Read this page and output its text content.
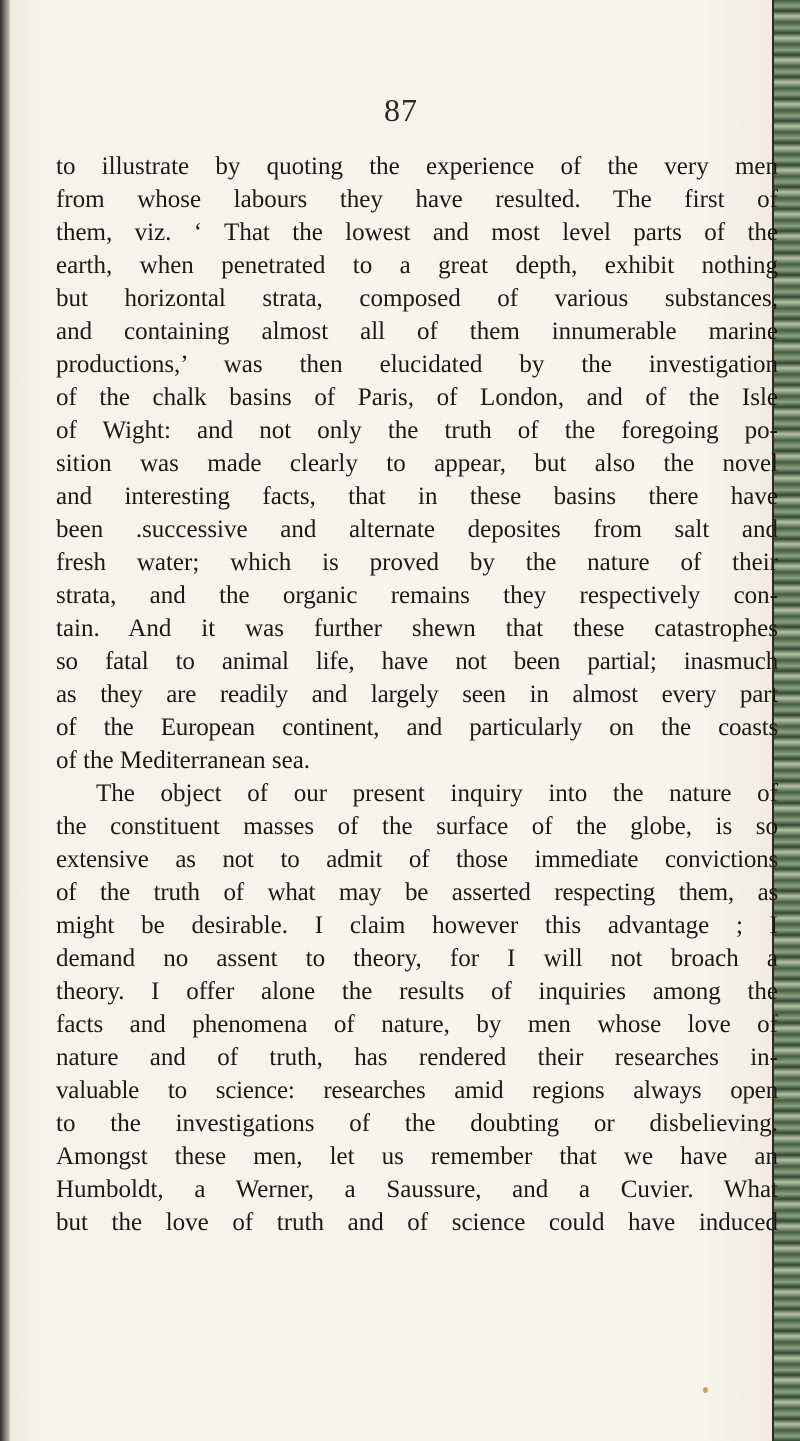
87
to illustrate by quoting the experience of the very men
from whose labours they have resulted. The first of
them, viz. ‘ That the lowest and most level parts of the
earth, when penetrated to a great depth, exhibit nothing
but horizontal strata, composed of various substances,
and containing almost all of them innumerable marine
productions,’ was then elucidated by the investigation
of the chalk basins of Paris, of London, and of the Isle
of Wight: and not only the truth of the foregoing po-
sition was made clearly to appear, but also the novel
and interesting facts, that in these basins there have
been .successive and alternate deposites from salt and
fresh water; which is proved by the nature of their
strata, and the organic remains they respectively con-
tain. And it was further shewn that these catastrophes
so fatal to animal life, have not been partial; inasmuch
as they are readily and largely seen in almost every part
of the European continent, and particularly on the coasts
of the Mediterranean sea.
The object of our present inquiry into the nature of
the constituent masses of the surface of the globe, is so
extensive as not to admit of those immediate convictions
of the truth of what may be asserted respecting them, as
might be desirable. I claim however this advantage ; I
demand no assent to theory, for I will not broach a
theory. I offer alone the results of inquiries among the
facts and phenomena of nature, by men whose love of
nature and of truth, has rendered their researches in-
valuable to science: researches amid regions always open
to the investigations of the doubting or disbelieving.
Amongst these men, let us remember that we have an
Humboldt, a Werner, a Saussure, and a Cuvier. What
but the love of truth and of science could have induced
